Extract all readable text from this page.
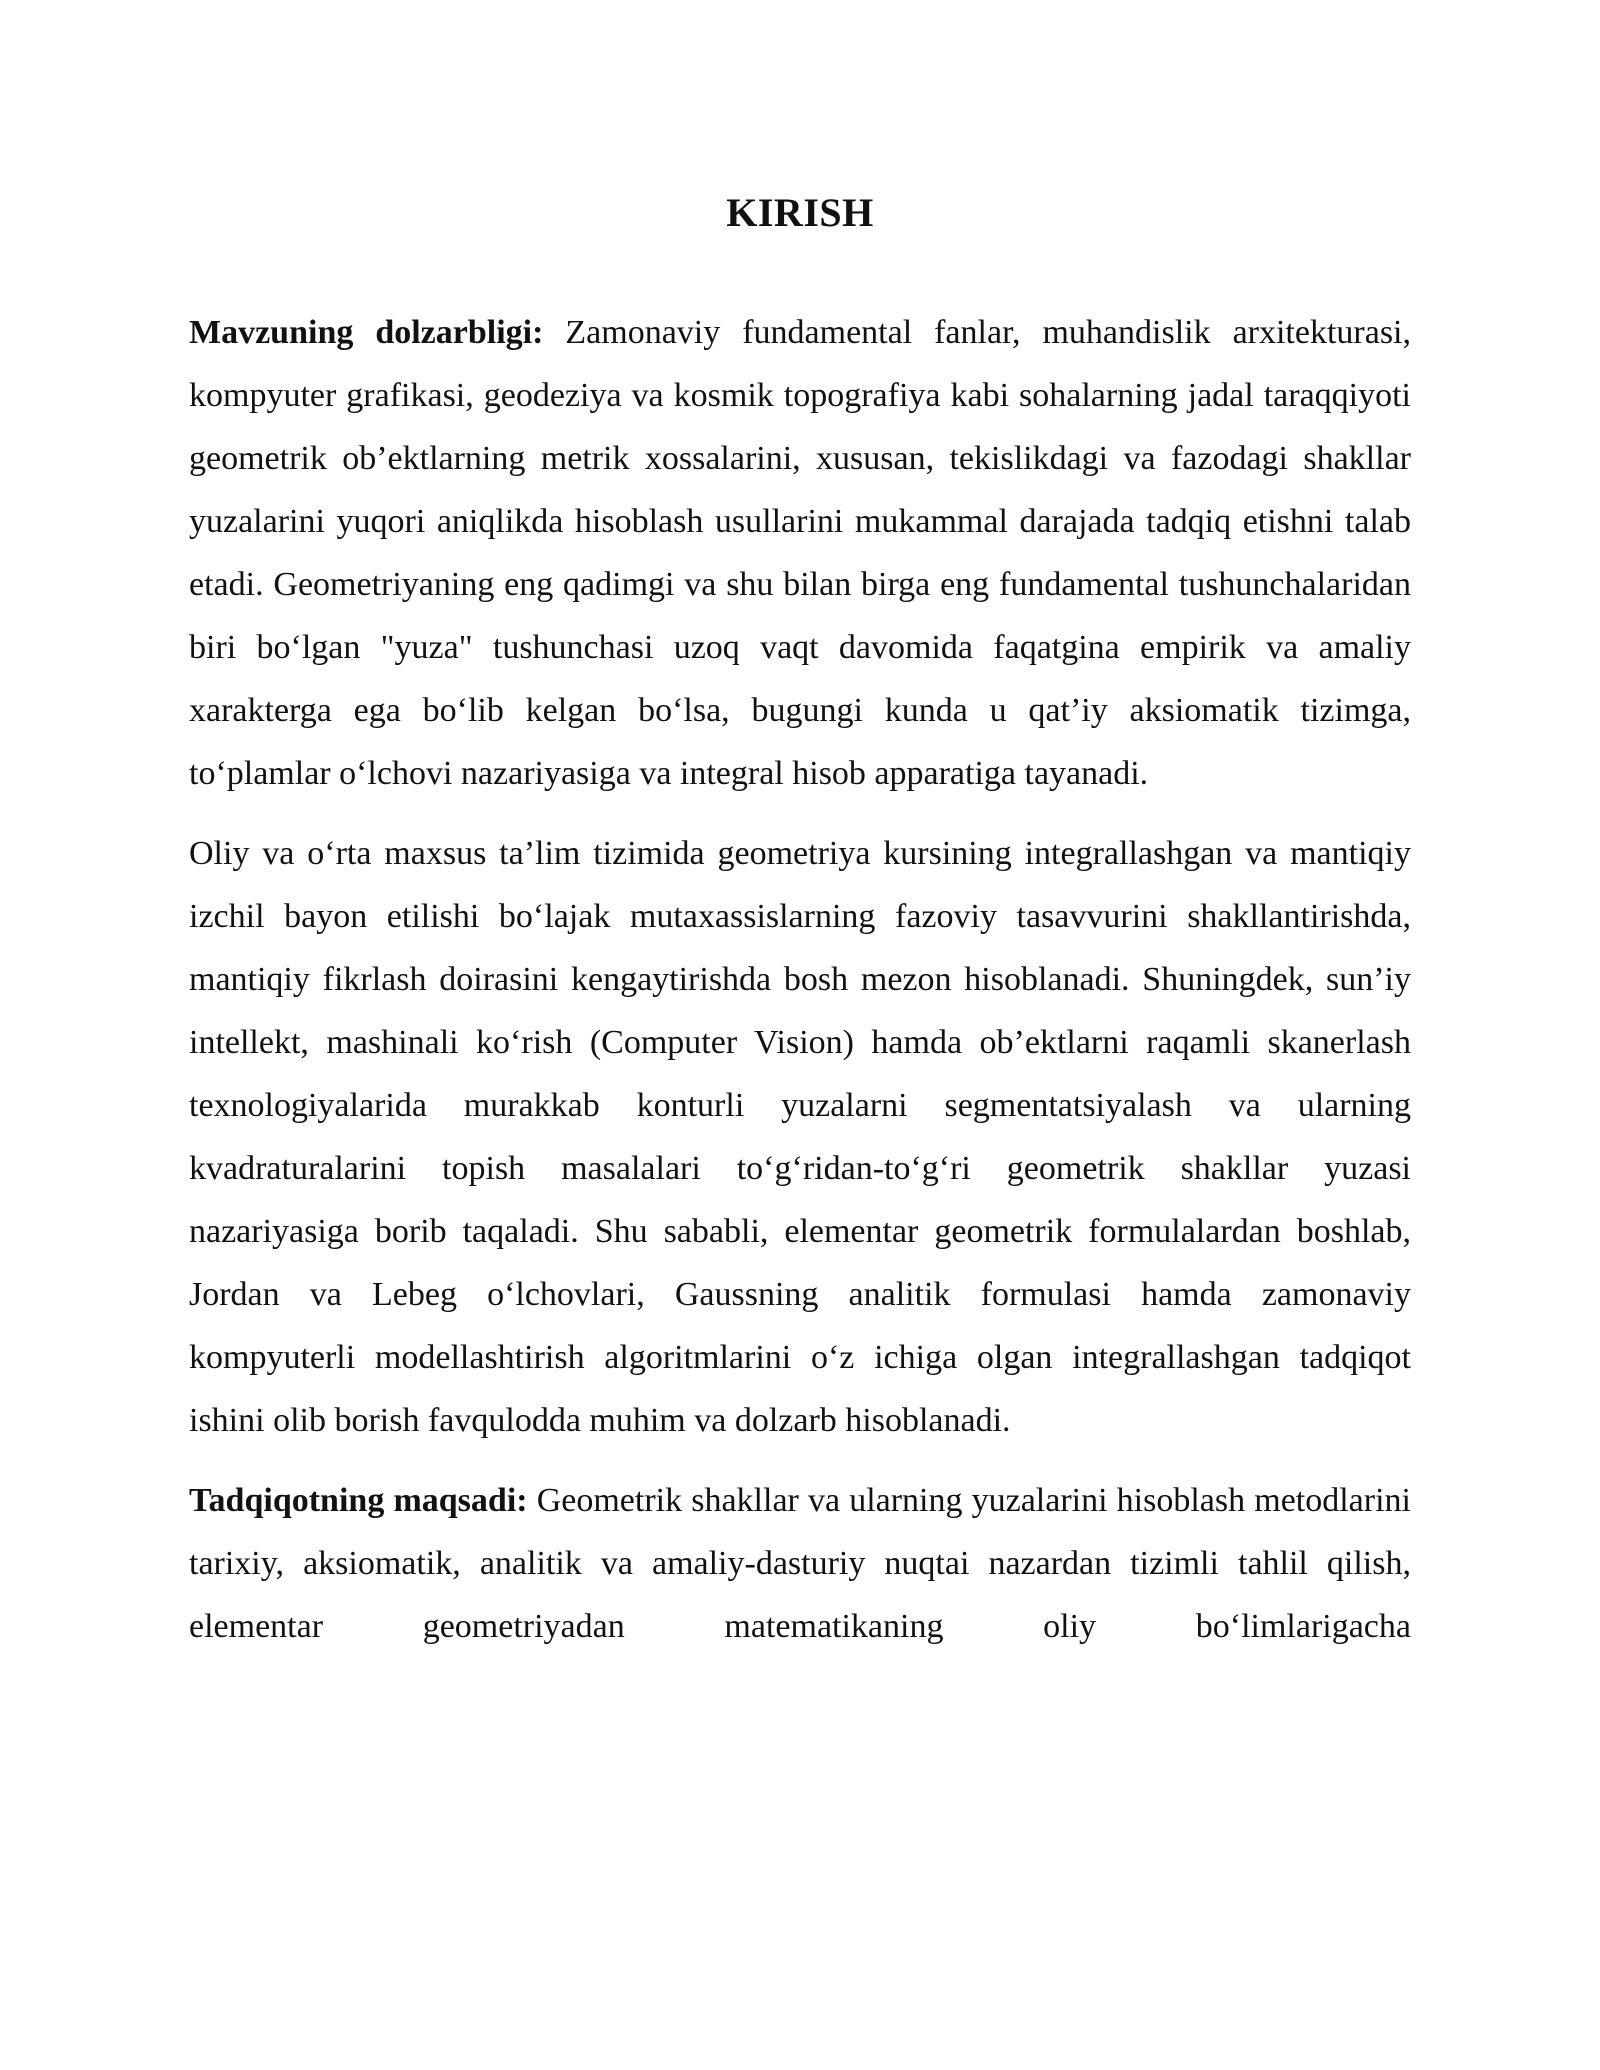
KIRISH

Mavzuning dolzarbligi: Zamonaviy fundamental fanlar, muhandislik arxitekturasi, kompyuter grafikasi, geodeziya va kosmik topografiya kabi sohalarning jadal taraqqiyoti geometrik ob’ektlarning metrik xossalarini, xususan, tekislikdagi va fazodagi shakllar yuzalarini yuqori aniqlikda hisoblash usullarini mukammal darajada tadqiq etishni talab etadi. Geometriyaning eng qadimgi va shu bilan birga eng fundamental tushunchalaridan biri bo‘lgan "yuza" tushunchasi uzoq vaqt davomida faqatgina empirik va amaliy xarakterga ega bo‘lib kelgan bo‘lsa, bugungi kunda u qat’iy aksiomatik tizimga, to‘plamlar o‘lchovi nazariyasiga va integral hisob apparatiga tayanadi.

Oliy va o‘rta maxsus ta’lim tizimida geometriya kursining integrallashgan va mantiqiy izchil bayon etilishi bo‘lajak mutaxassislarning fazoviy tasavvurini shakllantirishda, mantiqiy fikrlash doirasini kengaytirishda bosh mezon hisoblanadi. Shuningdek, sun’iy intellekt, mashinali ko‘rish (Computer Vision) hamda ob’ektlarni raqamli skanerlash texnologiyalarida murakkab konturli yuzalarni segmentatsiyalash va ularning kvadraturalarini topish masalalari to‘g‘ridan-to‘g‘ri geometrik shakllar yuzasi nazariyasiga borib taqaladi. Shu sababli, elementar geometrik formulalardan boshlab, Jordan va Lebeg o‘lchovlari, Gaussning analitik formulasi hamda zamonaviy kompyuterli modellashtirish algoritmlarini o‘z ichiga olgan integrallashgan tadqiqot ishini olib borish favqulodda muhim va dolzarb hisoblanadi.

Tadqiqotning maqsadi: Geometrik shakllar va ularning yuzalarini hisoblash metodlarini tarixiy, aksiomatik, analitik va amaliy-dasturiy nuqtai nazardan tizimli tahlil qilish, elementar geometriyadan matematikaning oliy bo‘limlarigacha
